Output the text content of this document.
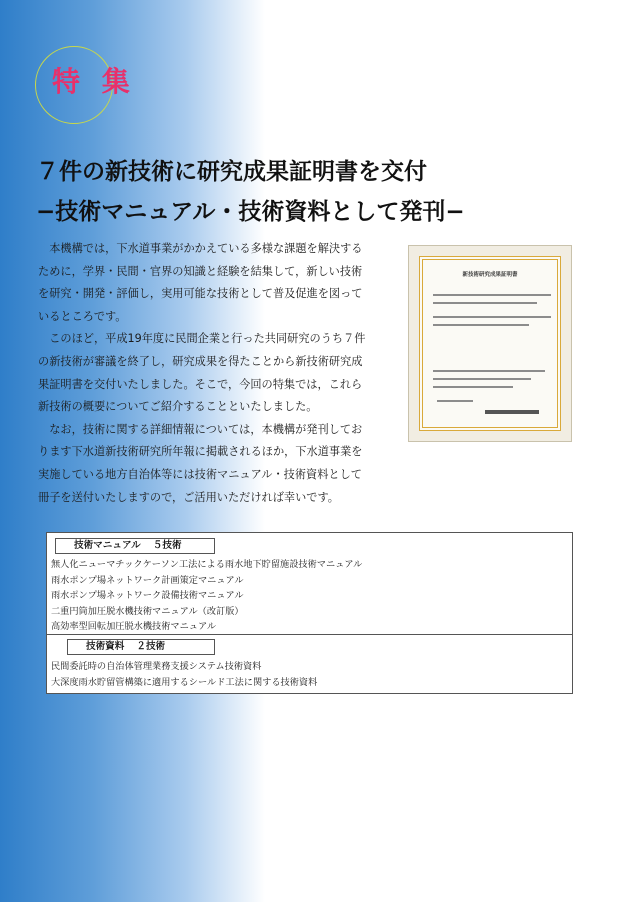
特 集
７件の新技術に研究成果証明書を交付
−技術マニュアル・技術資料として発刊−

本機構では，下水道事業がかかえている多様な課題を解決するために，学界・民間・官界の知識と経験を結集して，新しい技術を研究・開発・評価し，実用可能な技術として普及促進を図っているところです。

このほど，平成19年度に民間企業と行った共同研究のうち７件の新技術が審議を終了し，研究成果を得たことから新技術研究成果証明書を交付いたしました。そこで，今回の特集では，これら新技術の概要についてご紹介することといたしました。

なお，技術に関する詳細情報については，本機構が発刊しております下水道新技術研究所年報に掲載されるほか，下水道事業を実施している地方自治体等には技術マニュアル・技術資料として冊子を送付いたしますので，ご活用いただければ幸いです。

新技術研究成果証明書
技術マニュアル ５技術
無人化ニューマチックケーソン工法による雨水地下貯留施設技術マニュアル
雨水ポンプ場ネットワーク計画策定マニュアル
雨水ポンプ場ネットワーク設備技術マニュアル
二重円筒加圧脱水機技術マニュアル（改訂版）
高効率型回転加圧脱水機技術マニュアル
技術資料 ２技術
民間委託時の自治体管理業務支援システム技術資料
大深度雨水貯留管構築に適用するシールド工法に関する技術資料
